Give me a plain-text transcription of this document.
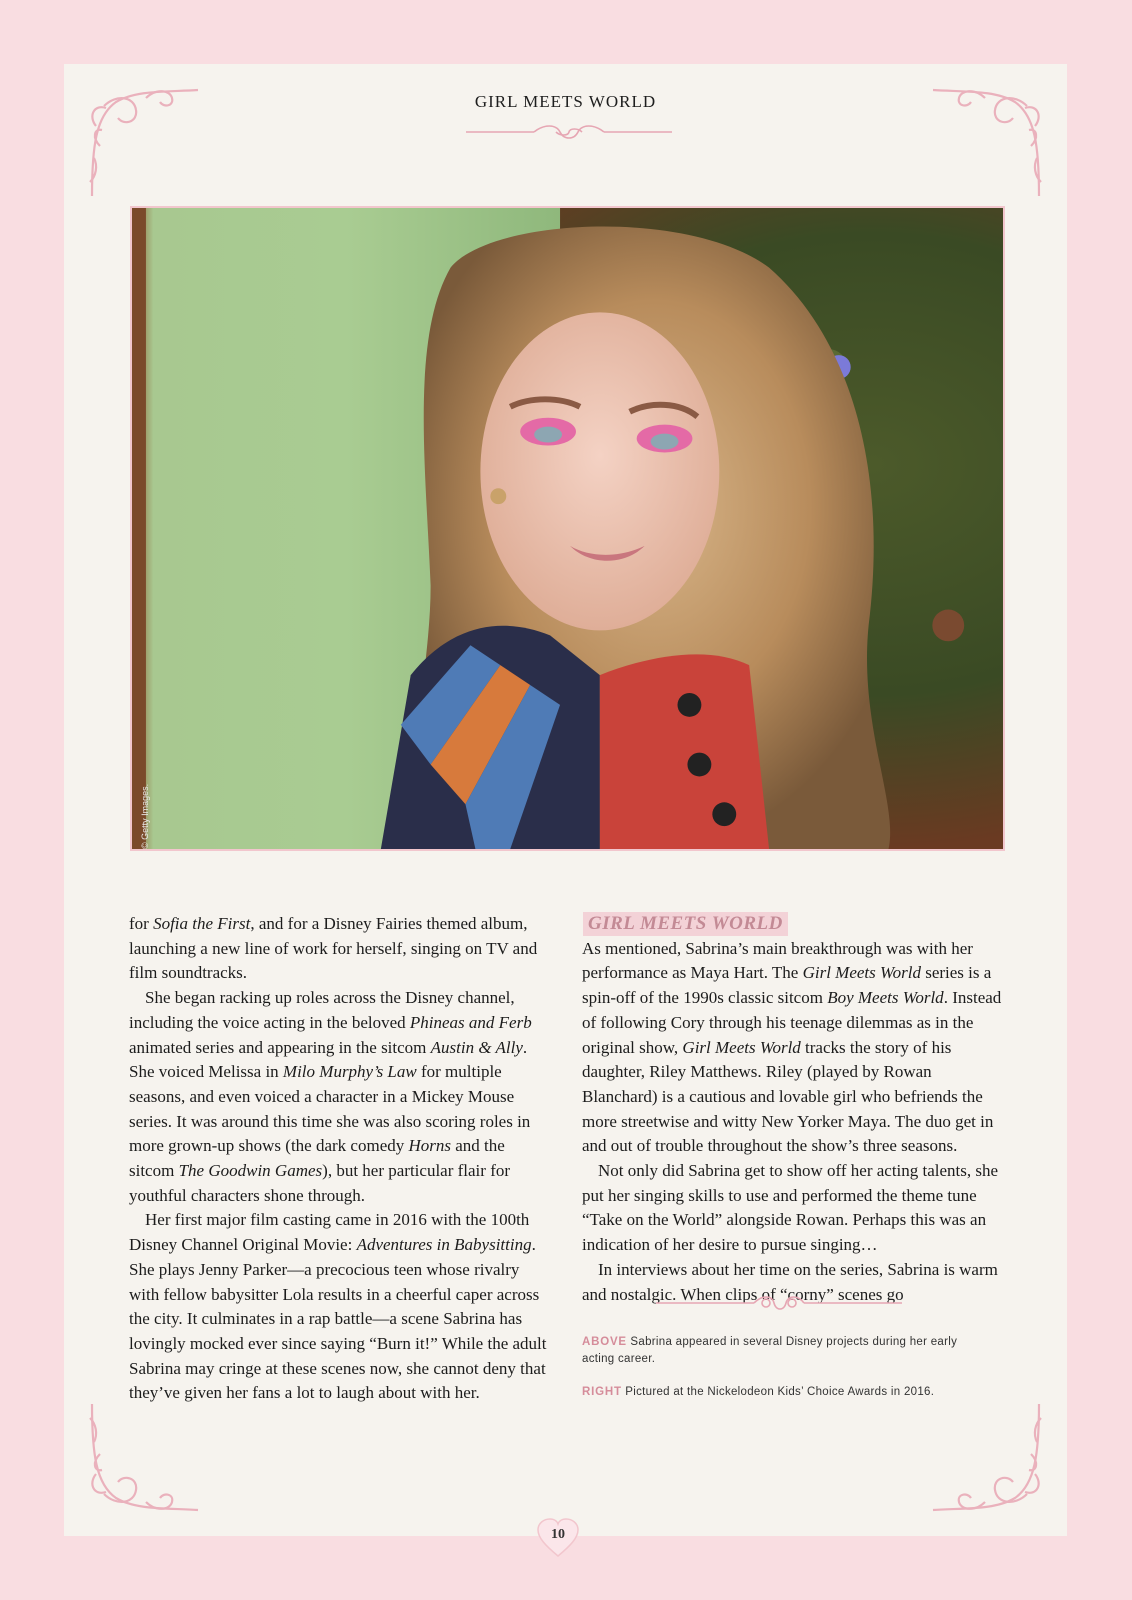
GIRL MEETS WORLD
© Getty Images.

for Sofia the First, and for a Disney Fairies themed album, launching a new line of work for herself, singing on TV and film soundtracks.

She began racking up roles across the Disney channel, including the voice acting in the beloved Phineas and Ferb animated series and appearing in the sitcom Austin & Ally. She voiced Melissa in Milo Murphy’s Law for multiple seasons, and even voiced a character in a Mickey Mouse series. It was around this time she was also scoring roles in more grown-up shows (the dark comedy Horns and the sitcom The Goodwin Games), but her particular flair for youthful characters shone through.

Her first major film casting came in 2016 with the 100th Disney Channel Original Movie: Adventures in Babysitting. She plays Jenny Parker—a precocious teen whose rivalry with fellow babysitter Lola results in a cheerful caper across the city. It culminates in a rap battle—a scene Sabrina has lovingly mocked ever since saying “Burn it!” While the adult Sabrina may cringe at these scenes now, she cannot deny that they’ve given her fans a lot to laugh about with her.

GIRL MEETS WORLD

As mentioned, Sabrina’s main breakthrough was with her performance as Maya Hart. The Girl Meets World series is a spin-off of the 1990s classic sitcom Boy Meets World. Instead of following Cory through his teenage dilemmas as in the original show, Girl Meets World tracks the story of his daughter, Riley Matthews. Riley (played by Rowan Blanchard) is a cautious and lovable girl who befriends the more streetwise and witty New Yorker Maya. The duo get in and out of trouble throughout the show’s three seasons.

Not only did Sabrina get to show off her acting talents, she put her singing skills to use and performed the theme tune “Take on the World” alongside Rowan. Perhaps this was an indication of her desire to pursue singing…

In interviews about her time on the series, Sabrina is warm and nostalgic. When clips of “corny” scenes go

ABOVE Sabrina appeared in several Disney projects during her early acting career.

RIGHT Pictured at the Nickelodeon Kids’ Choice Awards in 2016.

10
